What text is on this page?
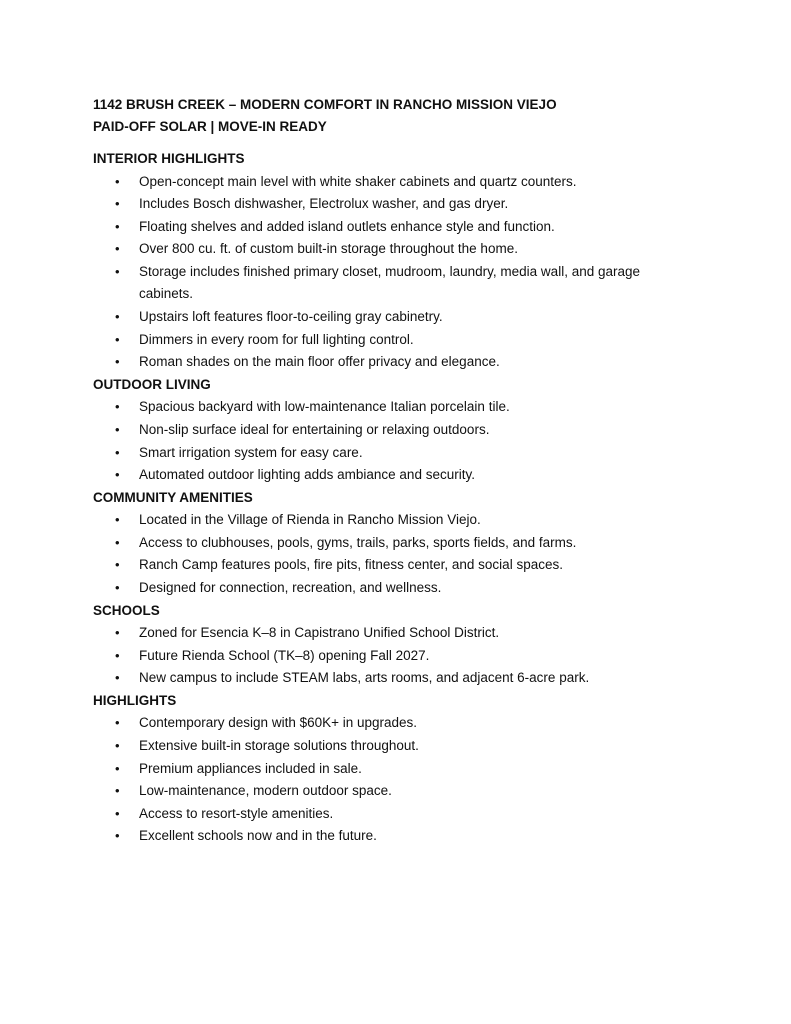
1142 BRUSH CREEK – MODERN COMFORT IN RANCHO MISSION VIEJO
PAID-OFF SOLAR | MOVE-IN READY
INTERIOR HIGHLIGHTS
• Open-concept main level with white shaker cabinets and quartz counters.
• Includes Bosch dishwasher, Electrolux washer, and gas dryer.
• Floating shelves and added island outlets enhance style and function.
• Over 800 cu. ft. of custom built-in storage throughout the home.
• Storage includes finished primary closet, mudroom, laundry, media wall, and garage cabinets.
• Upstairs loft features floor-to-ceiling gray cabinetry.
• Dimmers in every room for full lighting control.
• Roman shades on the main floor offer privacy and elegance.
OUTDOOR LIVING
• Spacious backyard with low-maintenance Italian porcelain tile.
• Non-slip surface ideal for entertaining or relaxing outdoors.
• Smart irrigation system for easy care.
• Automated outdoor lighting adds ambiance and security.
COMMUNITY AMENITIES
• Located in the Village of Rienda in Rancho Mission Viejo.
• Access to clubhouses, pools, gyms, trails, parks, sports fields, and farms.
• Ranch Camp features pools, fire pits, fitness center, and social spaces.
• Designed for connection, recreation, and wellness.
SCHOOLS
• Zoned for Esencia K–8 in Capistrano Unified School District.
• Future Rienda School (TK–8) opening Fall 2027.
• New campus to include STEAM labs, arts rooms, and adjacent 6-acre park.
HIGHLIGHTS
• Contemporary design with $60K+ in upgrades.
• Extensive built-in storage solutions throughout.
• Premium appliances included in sale.
• Low-maintenance, modern outdoor space.
• Access to resort-style amenities.
• Excellent schools now and in the future.
